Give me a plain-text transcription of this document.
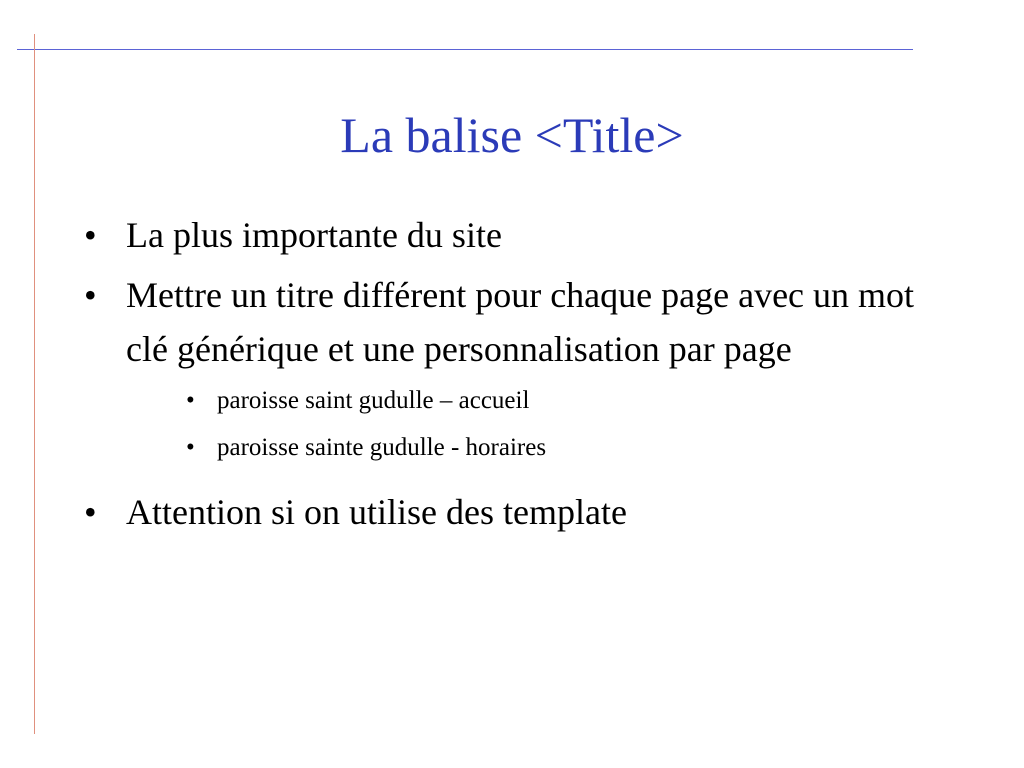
La balise <Title>
• La plus importante du site
• Mettre un titre différent pour chaque page avec un mot clé générique et une personnalisation par page
• paroisse saint gudulle – accueil
• paroisse sainte gudulle - horaires
• Attention si on utilise des template
